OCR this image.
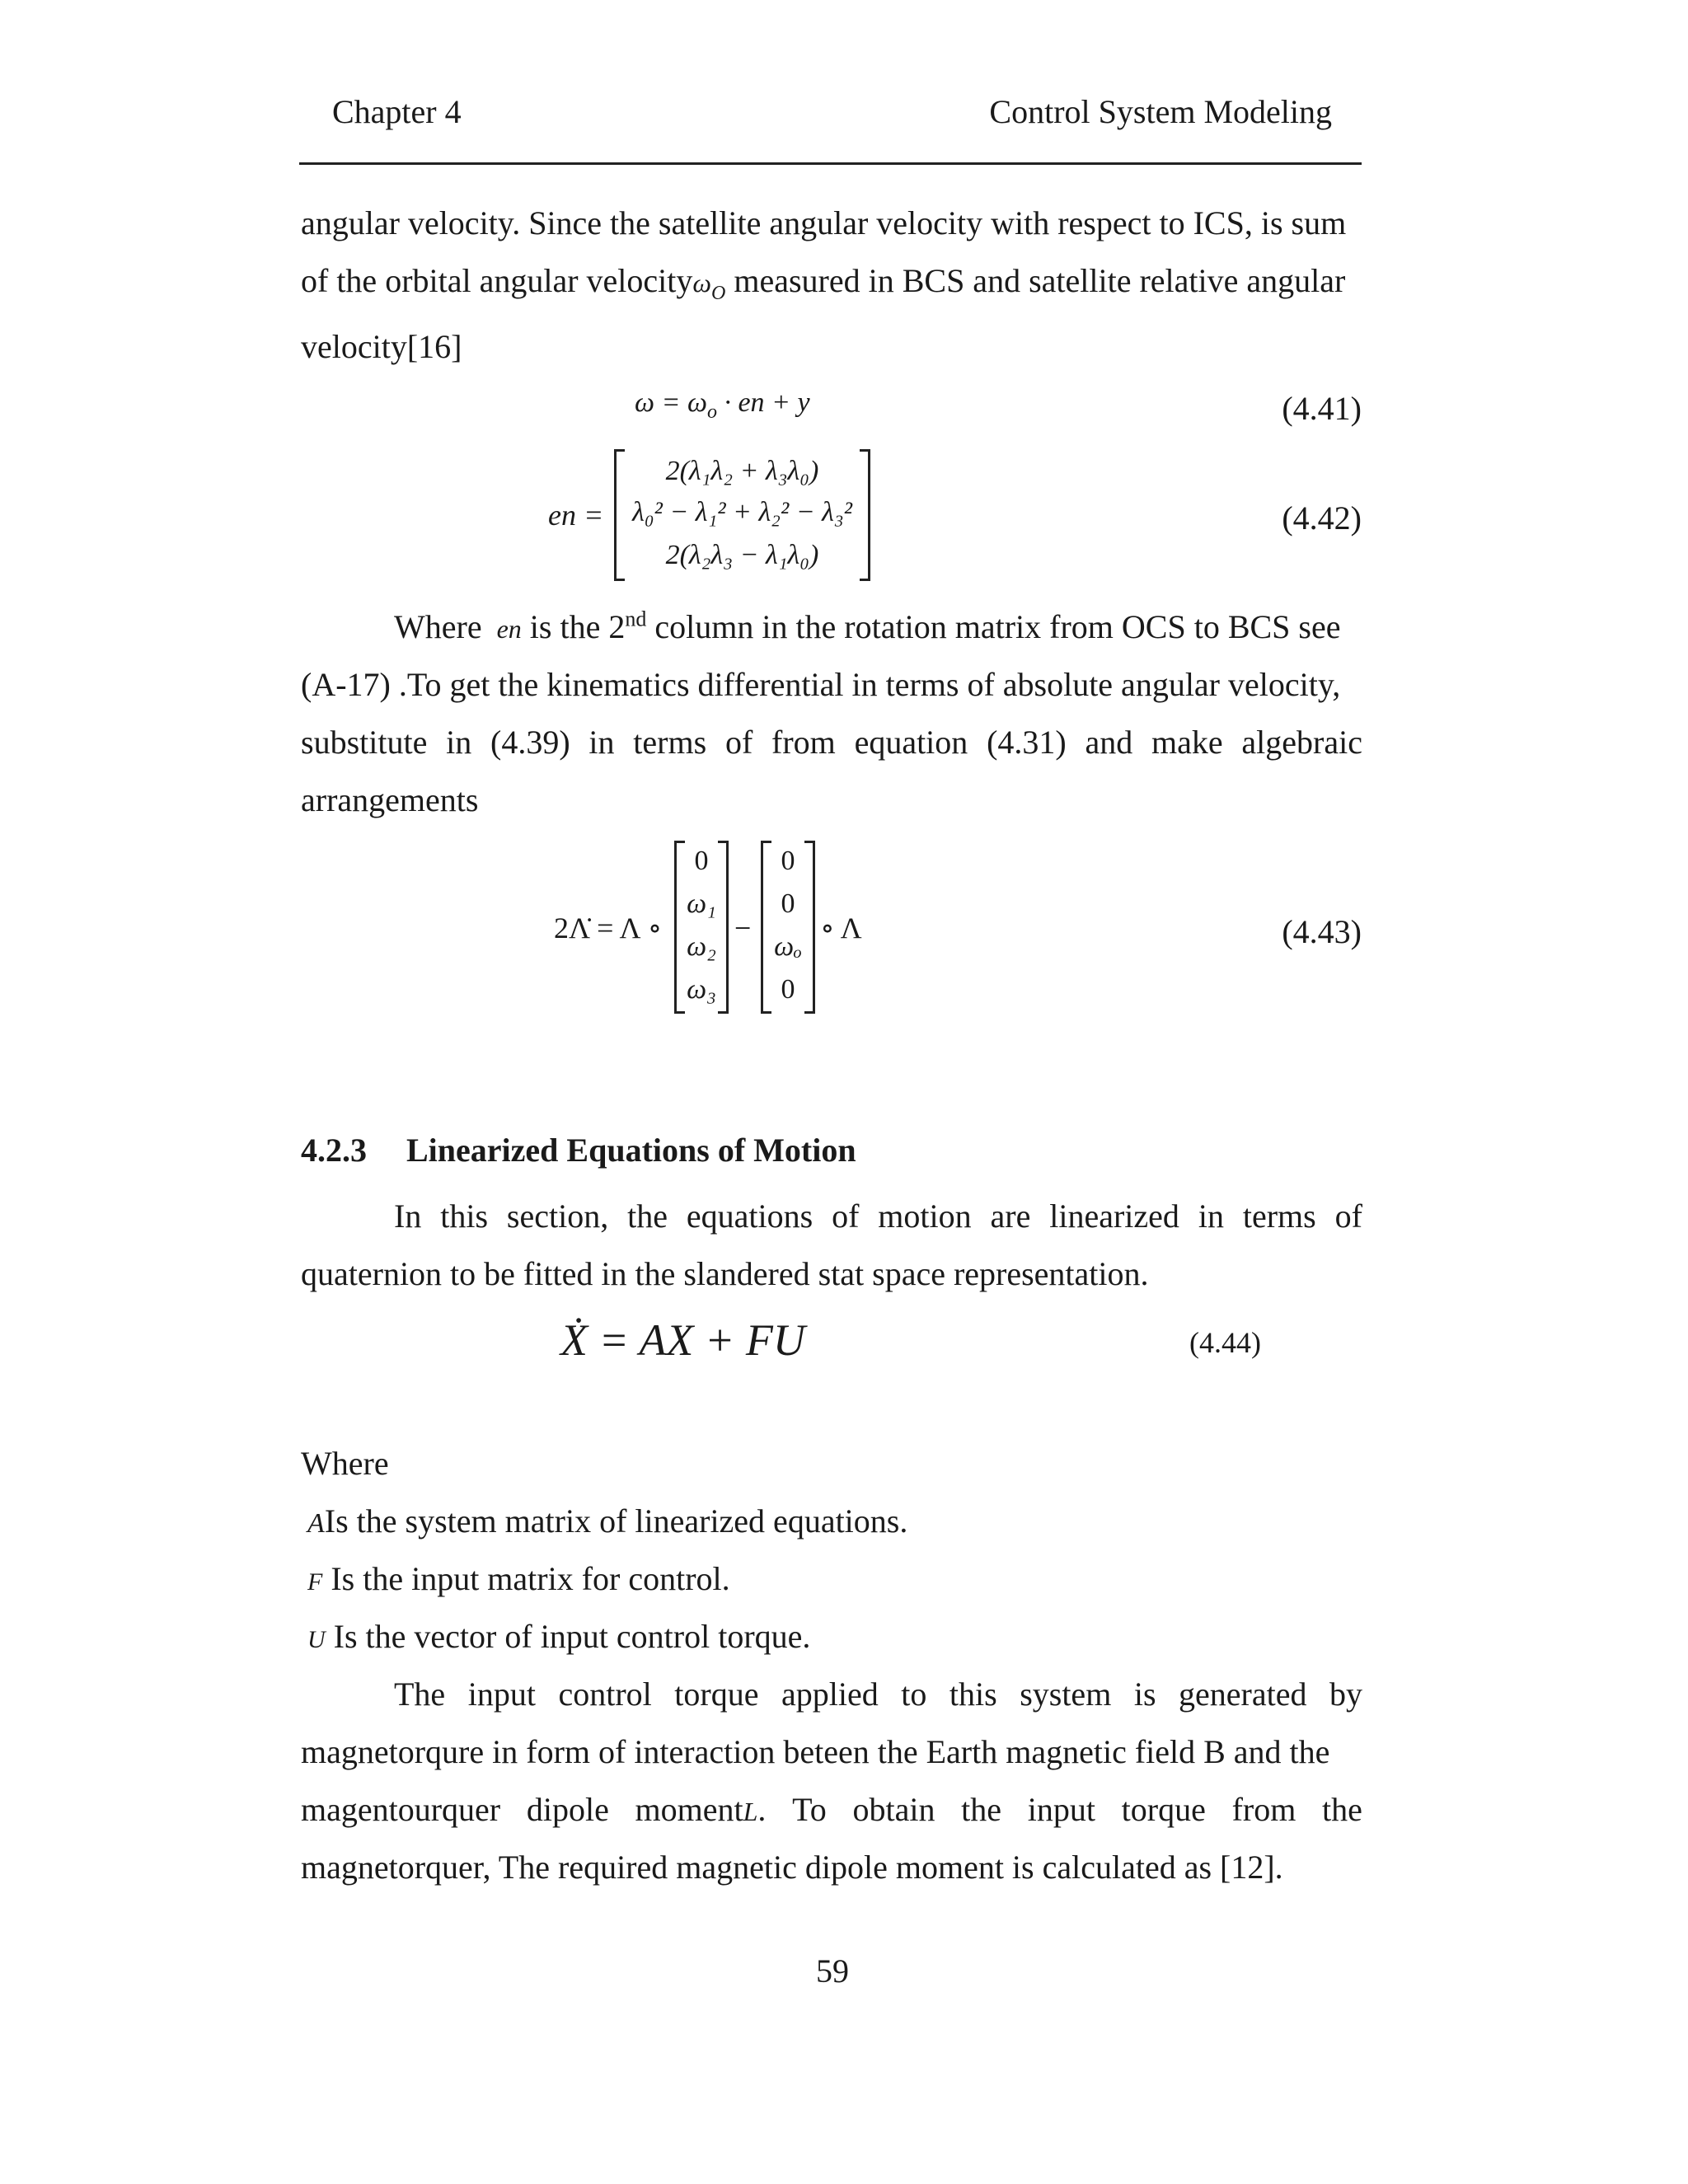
Chapter 4	Control System Modeling
angular velocity. Since the satellite angular velocity with respect to ICS, is sum
of the orbital angular velocityω$_O$ measured in BCS and satellite relative angular
velocity[16]
$\omega = \omega_o$ · en + y	(4.41)
en =
2(λ₁λ₂ + λ₃λ₀)
λ₀² − λ₁² + λ₂² − λ₃²
2(λ₂λ₃ − λ₁λ₀)
(4.42)
Where en is the 2nd column in the rotation matrix from OCS to BCS see
(A-17) .To get the kinematics differential in terms of absolute angular velocity,
substitute in (4.39) in terms of from equation (4.31) and make algebraic
arrangements
2Λ̇ = Λ ∘
0
ω₁
ω₂
ω₃
−
0
0
ωₒ
0
∘ Λ	(4.43)
4.2.3 Linearized Equations of Motion
In this section, the equations of motion are linearized in terms of
quaternion to be fitted in the slandered stat space representation.
Ẋ = AX + FU	(4.44)
Where
AIs the system matrix of linearized equations.
F Is the input matrix for control.
U Is the vector of input control torque.
The input control torque applied to this system is generated by
magnetorqure in form of interaction beteen the Earth magnetic field B and the
magentourquer dipole momentL. To obtain the input torque from the
magnetorquer, The required magnetic dipole moment is calculated as [12].
59
